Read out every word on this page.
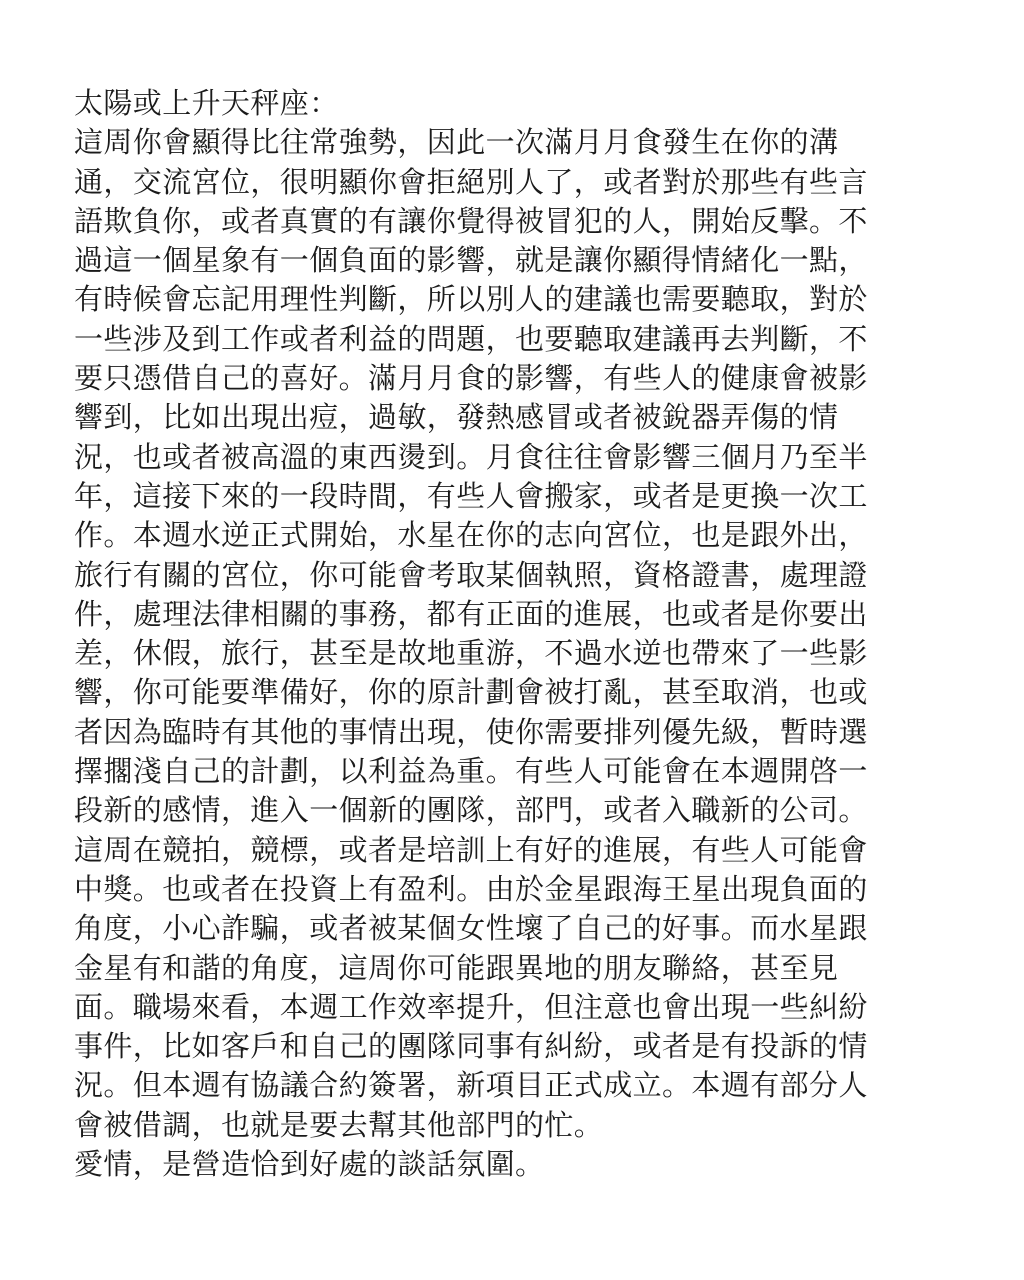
太陽或上升天秤座：
這周你會顯得比往常強勢，因此一次滿月月食發生在你的溝
通，交流宮位，很明顯你會拒絕別人了，或者對於那些有些言
語欺負你，或者真實的有讓你覺得被冒犯的人，開始反擊。不
過這一個星象有一個負面的影響，就是讓你顯得情緒化一點，
有時候會忘記用理性判斷，所以別人的建議也需要聽取，對於
一些涉及到工作或者利益的問題，也要聽取建議再去判斷，不
要只憑借自己的喜好。滿月月食的影響，有些人的健康會被影
響到，比如出現出痘，過敏，發熱感冒或者被銳器弄傷的情
況，也或者被高溫的東西燙到。月食往往會影響三個月乃至半
年，這接下來的一段時間，有些人會搬家，或者是更換一次工
作。本週水逆正式開始，水星在你的志向宮位，也是跟外出，
旅行有關的宮位，你可能會考取某個執照，資格證書，處理證
件，處理法律相關的事務，都有正面的進展，也或者是你要出
差，休假，旅行，甚至是故地重游，不過水逆也帶來了一些影
響，你可能要準備好，你的原計劃會被打亂，甚至取消，也或
者因為臨時有其他的事情出現，使你需要排列優先級，暫時選
擇擱淺自己的計劃，以利益為重。有些人可能會在本週開啓一
段新的感情，進入一個新的團隊，部門，或者入職新的公司。
這周在競拍，競標，或者是培訓上有好的進展，有些人可能會
中獎。也或者在投資上有盈利。由於金星跟海王星出現負面的
角度，小心詐騙，或者被某個女性壞了自己的好事。而水星跟
金星有和諧的角度，這周你可能跟異地的朋友聯絡，甚至見
面。職場來看，本週工作效率提升，但注意也會出現一些糾紛
事件，比如客戶和自己的團隊同事有糾紛，或者是有投訴的情
況。但本週有協議合約簽署，新項目正式成立。本週有部分人
會被借調，也就是要去幫其他部門的忙。
愛情，是營造恰到好處的談話氛圍。
